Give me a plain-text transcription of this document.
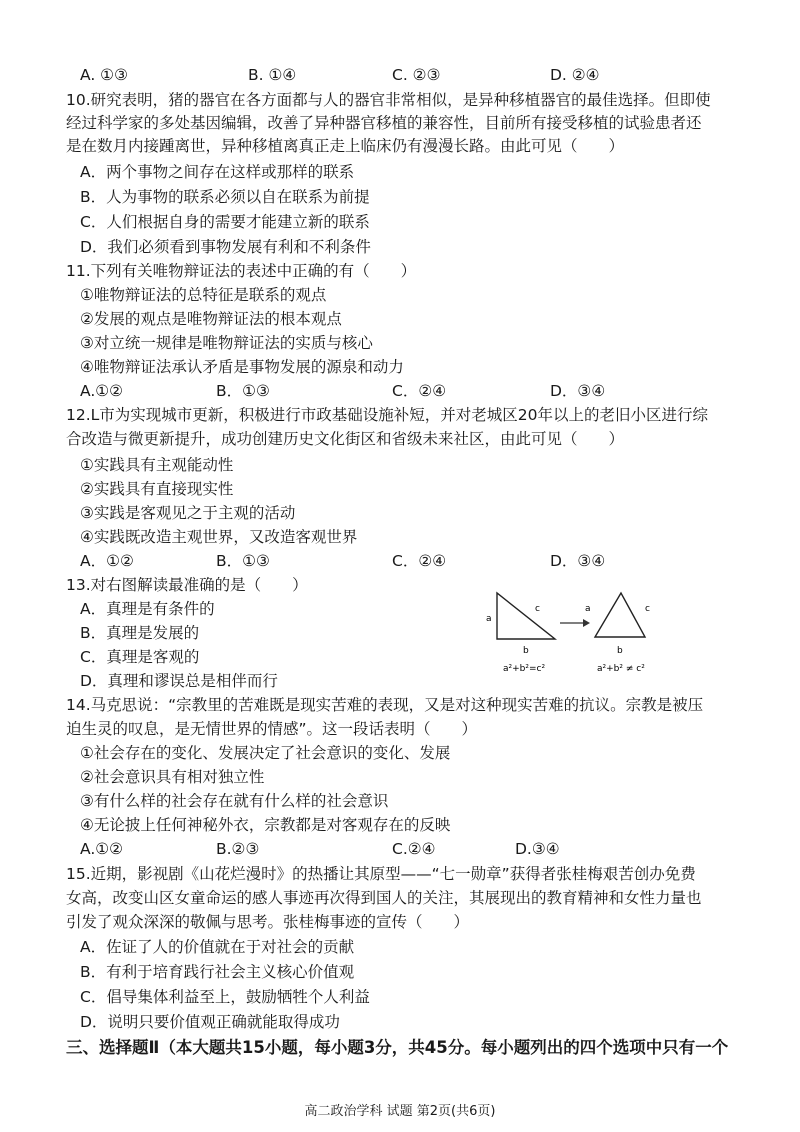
A. ①③	B. ①④	C. ②③	D. ②④
10.研究表明，猪的器官在各方面都与人的器官非常相似，是异种移植器官的最佳选择。但即使
经过科学家的多处基因编辑，改善了异种器官移植的兼容性，目前所有接受移植的试验患者还
是在数月内接踵离世，异种移植离真正走上临床仍有漫漫长路。由此可见（　　）
A．两个事物之间存在这样或那样的联系
B．人为事物的联系必须以自在联系为前提
C．人们根据自身的需要才能建立新的联系
D．我们必须看到事物发展有利和不利条件
11.下列有关唯物辩证法的表述中正确的有（　　）
①唯物辩证法的总特征是联系的观点
②发展的观点是唯物辩证法的根本观点
③对立统一规律是唯物辩证法的实质与核心
④唯物辩证法承认矛盾是事物发展的源泉和动力
A.①②	B．①③	C．②④	D．③④
12.L市为实现城市更新，积极进行市政基础设施补短，并对老城区20年以上的老旧小区进行综
合改造与微更新提升，成功创建历史文化街区和省级未来社区，由此可见（　　）
①实践具有主观能动性
②实践具有直接现实性
③实践是客观见之于主观的活动
④实践既改造主观世界，又改造客观世界
A．①②	B．①③	C．②④	D．③④
13.对右图解读最准确的是（　　）
A．真理是有条件的
B．真理是发展的
C．真理是客观的
D．真理和谬误总是相伴而行
a
c
b
a²+b²=c²
a	c
b
a²+b² ≠ c²
14.马克思说：“宗教里的苦难既是现实苦难的表现，又是对这种现实苦难的抗议。宗教是被压
迫生灵的叹息，是无情世界的情感”。这一段话表明（　　）
①社会存在的变化、发展决定了社会意识的变化、发展
②社会意识具有相对独立性
③有什么样的社会存在就有什么样的社会意识
④无论披上任何神秘外衣，宗教都是对客观存在的反映
A.①②	B.②③	C.②④	D.③④
15.近期，影视剧《山花烂漫时》的热播让其原型——“七一勋章”获得者张桂梅艰苦创办免费
女高，改变山区女童命运的感人事迹再次得到国人的关注，其展现出的教育精神和女性力量也
引发了观众深深的敬佩与思考。张桂梅事迹的宣传（　　）
A．佐证了人的价值就在于对社会的贡献
B．有利于培育践行社会主义核心价值观
C．倡导集体利益至上，鼓励牺牲个人利益
D．说明只要价值观正确就能取得成功
三、选择题Ⅱ（本大题共15小题，每小题3分，共45分。每小题列出的四个选项中只有一个
高二政治学科 试题 第2页(共6页)
